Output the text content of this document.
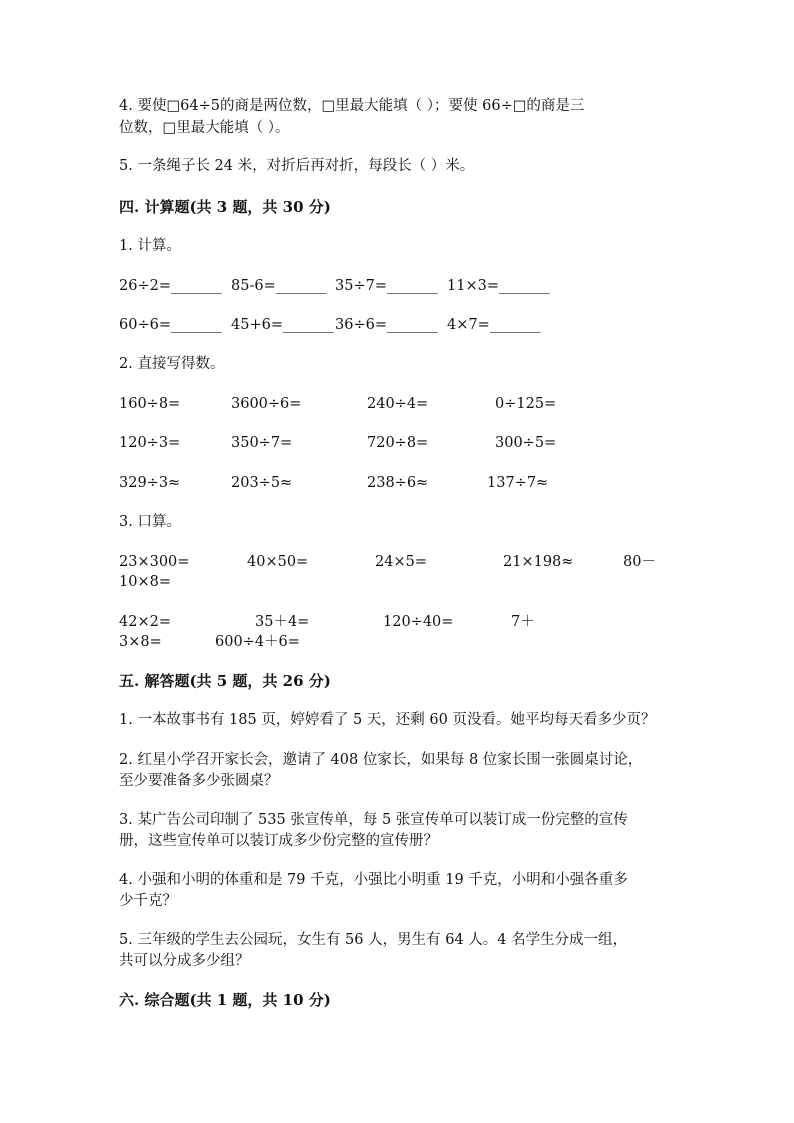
4. 要使□64÷5的商是两位数，□里最大能填（ ）；要使 66÷□的商是三
位数，□里最大能填（ ）。
5. 一条绳子长 24 米，对折后再对折，每段长（ ）米。
四. 计算题(共 3 题，共 30 分)
1. 计算。
26÷2=_______ 85-6=_______ 35÷7=_______ 11×3=_______
60÷6=_______ 45+6=_______ 36÷6=_______ 4×7=_______
2. 直接写得数。
160÷8=	3600÷6=	240÷4=	0÷125=
120÷3=	350÷7=	720÷8=	300÷5=
329÷3≈	203÷5≈	238÷6≈	137÷7≈
3. 口算。
23×300=	40×50=	24×5=	21×198≈	80－
10×8=
42×2=	35＋4=	120÷40=	7＋
3×8=	600÷4＋6=
五. 解答题(共 5 题，共 26 分)
1. 一本故事书有 185 页，婷婷看了 5 天，还剩 60 页没看。她平均每天看多少页？
2. 红星小学召开家长会，邀请了 408 位家长，如果每 8 位家长围一张圆桌讨论，
至少要准备多少张圆桌？
3. 某广告公司印制了 535 张宣传单，每 5 张宣传单可以装订成一份完整的宣传
册，这些宣传单可以装订成多少份完整的宣传册？
4. 小强和小明的体重和是 79 千克，小强比小明重 19 千克，小明和小强各重多
少千克？
5. 三年级的学生去公园玩，女生有 56 人，男生有 64 人。4 名学生分成一组，
共可以分成多少组？
六. 综合题(共 1 题，共 10 分)
